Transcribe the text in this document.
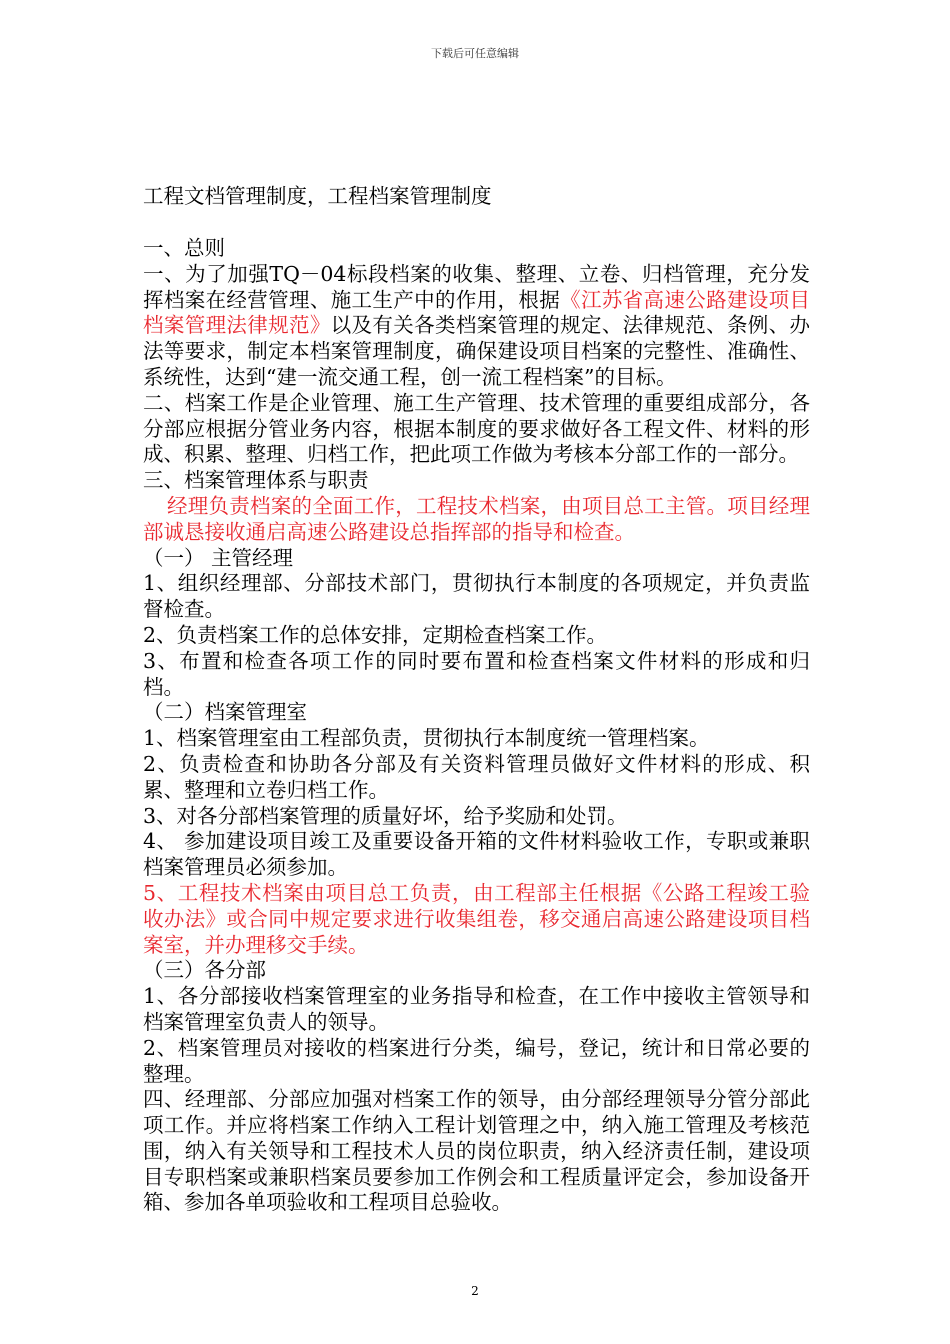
下载后可任意编辑
工程文档管理制度，工程档案管理制度

一、总则

一、为了加强TQ－04标段档案的收集、整理、立卷、归档管理，充分发挥档案在经营管理、施工生产中的作用，根据《江苏省高速公路建设项目档案管理法律规范》以及有关各类档案管理的规定、法律规范、条例、办法等要求，制定本档案管理制度，确保建设项目档案的完整性、准确性、系统性，达到“建一流交通工程，创一流工程档案”的目标。

二、档案工作是企业管理、施工生产管理、技术管理的重要组成部分，各分部应根据分管业务内容，根据本制度的要求做好各工程文件、材料的形成、积累、整理、归档工作，把此项工作做为考核本分部工作的一部分。

三、档案管理体系与职责

经理负责档案的全面工作，工程技术档案，由项目总工主管。项目经理部诚恳接收通启高速公路建设总指挥部的指导和检查。

（一） 主管经理

1、组织经理部、分部技术部门，贯彻执行本制度的各项规定，并负责监督检查。

2、负责档案工作的总体安排，定期检查档案工作。

3、布置和检查各项工作的同时要布置和检查档案文件材料的形成和归档。

（二）档案管理室

1、档案管理室由工程部负责，贯彻执行本制度统一管理档案。

2、负责检查和协助各分部及有关资料管理员做好文件材料的形成、积累、整理和立卷归档工作。

3、对各分部档案管理的质量好坏，给予奖励和处罚。

4、 参加建设项目竣工及重要设备开箱的文件材料验收工作，专职或兼职档案管理员必须参加。

5、工程技术档案由项目总工负责，由工程部主任根据《公路工程竣工验收办法》或合同中规定要求进行收集组卷，移交通启高速公路建设项目档案室，并办理移交手续。

（三）各分部

1、各分部接收档案管理室的业务指导和检查，在工作中接收主管领导和档案管理室负责人的领导。

2、档案管理员对接收的档案进行分类，编号，登记，统计和日常必要的整理。

四、经理部、分部应加强对档案工作的领导，由分部经理领导分管分部此项工作。并应将档案工作纳入工程计划管理之中，纳入施工管理及考核范围，纳入有关领导和工程技术人员的岗位职责，纳入经济责任制，建设项目专职档案或兼职档案员要参加工作例会和工程质量评定会，参加设备开箱、参加各单项验收和工程项目总验收。

2
